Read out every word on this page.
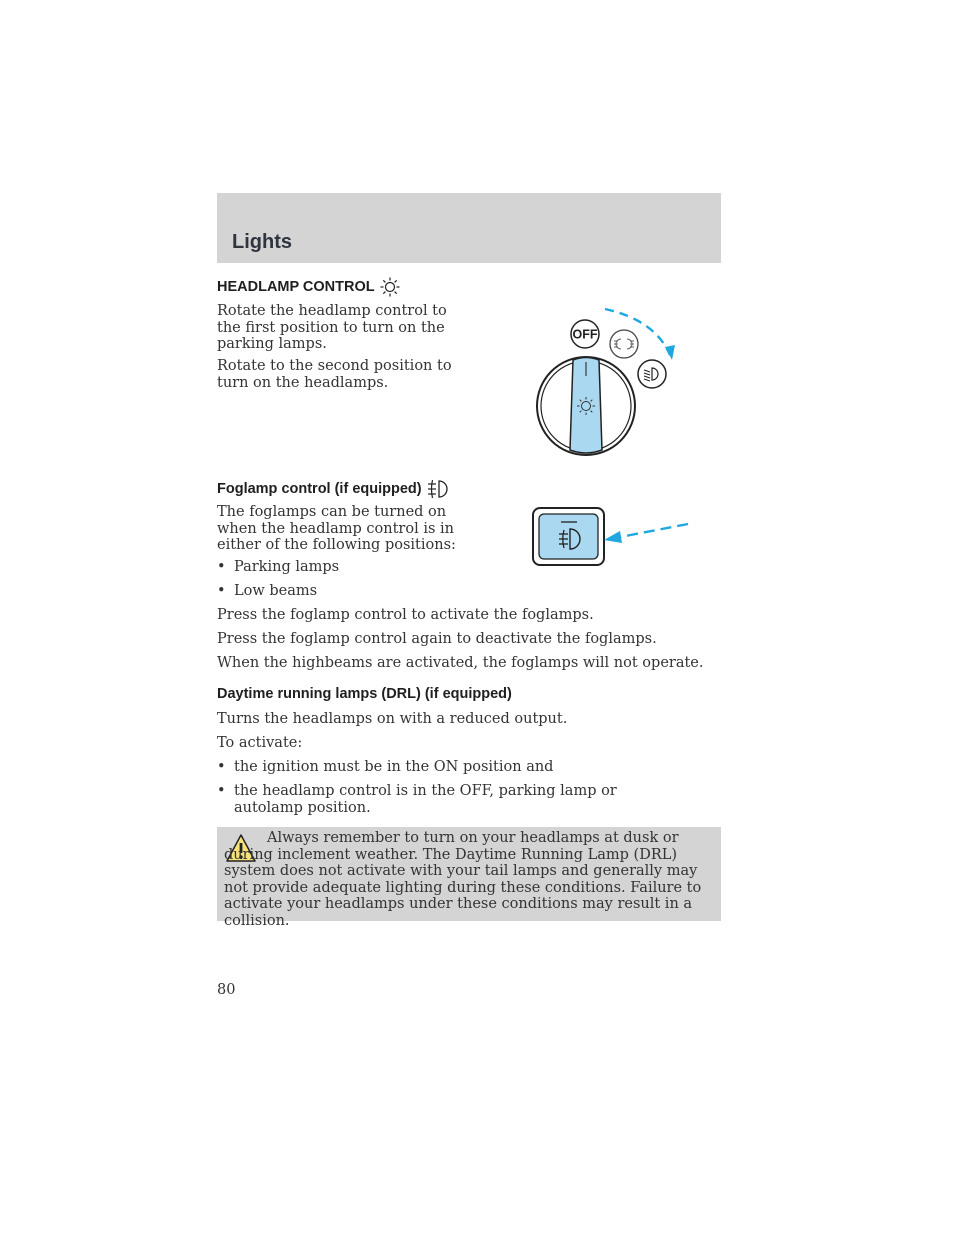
Lights
HEADLAMP CONTROL

Rotate the headlamp control to the first position to turn on the parking lamps.

Rotate to the second position to turn on the headlamps.

OFF
Foglamp control (if equipped)

The foglamps can be turned on when the headlamp control is in either of the following positions:

• Parking lamps
• Low beams

Press the foglamp control to activate the foglamps.

Press the foglamp control again to deactivate the foglamps.

When the highbeams are activated, the foglamps will not operate.

Daytime running lamps (DRL) (if equipped)

Turns the headlamps on with a reduced output.

To activate:

• the ignition must be in the ON position and
• the headlamp control is in the OFF, parking lamp or autolamp position.

Always remember to turn on your headlamps at dusk or during inclement weather. The Daytime Running Lamp (DRL) system does not activate with your tail lamps and generally may not provide adequate lighting during these conditions. Failure to activate your headlamps under these conditions may result in a collision.

80
